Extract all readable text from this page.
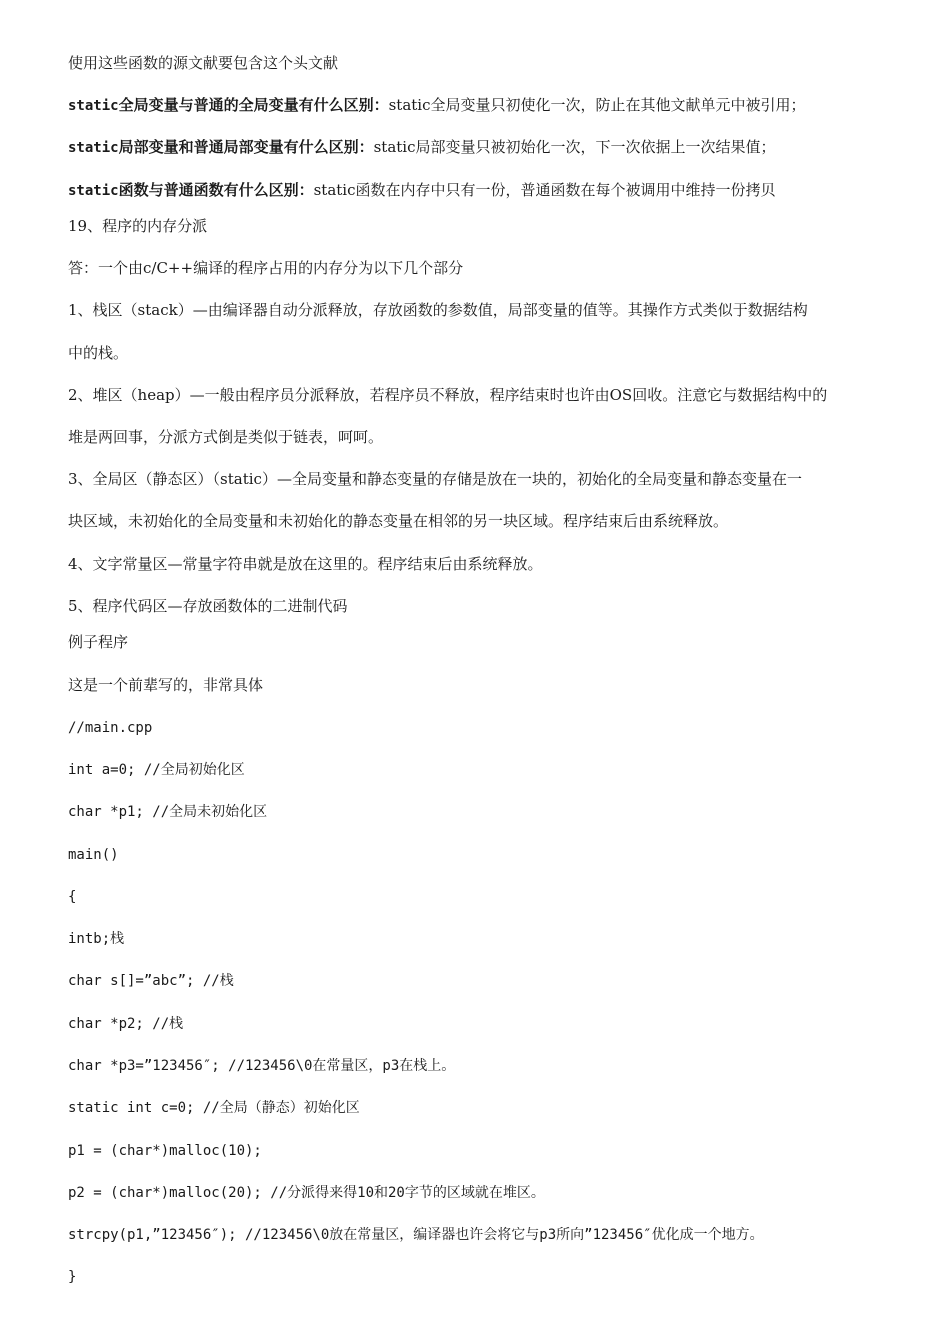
使用这些函数的源文献要包含这个头文献
static全局变量与普通的全局变量有什么区别：static全局变量只初使化一次，防止在其他文献单元中被引用；
static局部变量和普通局部变量有什么区别：static局部变量只被初始化一次，下一次依据上一次结果值；
static函数与普通函数有什么区别：static函数在内存中只有一份，普通函数在每个被调用中维持一份拷贝
19、程序的内存分派
答：一个由c/C++编译的程序占用的内存分为以下几个部分
1、栈区（stack）—由编译器自动分派释放，存放函数的参数值，局部变量的值等。其操作方式类似于数据结构
中的栈。
2、堆区（heap）—一般由程序员分派释放，若程序员不释放，程序结束时也许由OS回收。注意它与数据结构中的
堆是两回事，分派方式倒是类似于链表，呵呵。
3、全局区（静态区）（static）—全局变量和静态变量的存储是放在一块的，初始化的全局变量和静态变量在一
块区域，未初始化的全局变量和未初始化的静态变量在相邻的另一块区域。程序结束后由系统释放。
4、文字常量区—常量字符串就是放在这里的。程序结束后由系统释放。
5、程序代码区—存放函数体的二进制代码
例子程序
这是一个前辈写的，非常具体
//main.cpp
int a=0; //全局初始化区
char *p1; //全局未初始化区
main()
{
intb;栈
char s[]=”abc”; //栈
char *p2; //栈
char *p3=”123456″; //123456\0在常量区，p3在栈上。
static int c=0; //全局（静态）初始化区
p1 = (char*)malloc(10);
p2 = (char*)malloc(20); //分派得来得10和20字节的区域就在堆区。
strcpy(p1,”123456″); //123456\0放在常量区，编译器也许会将它与p3所向”123456″优化成一个地方。
}
